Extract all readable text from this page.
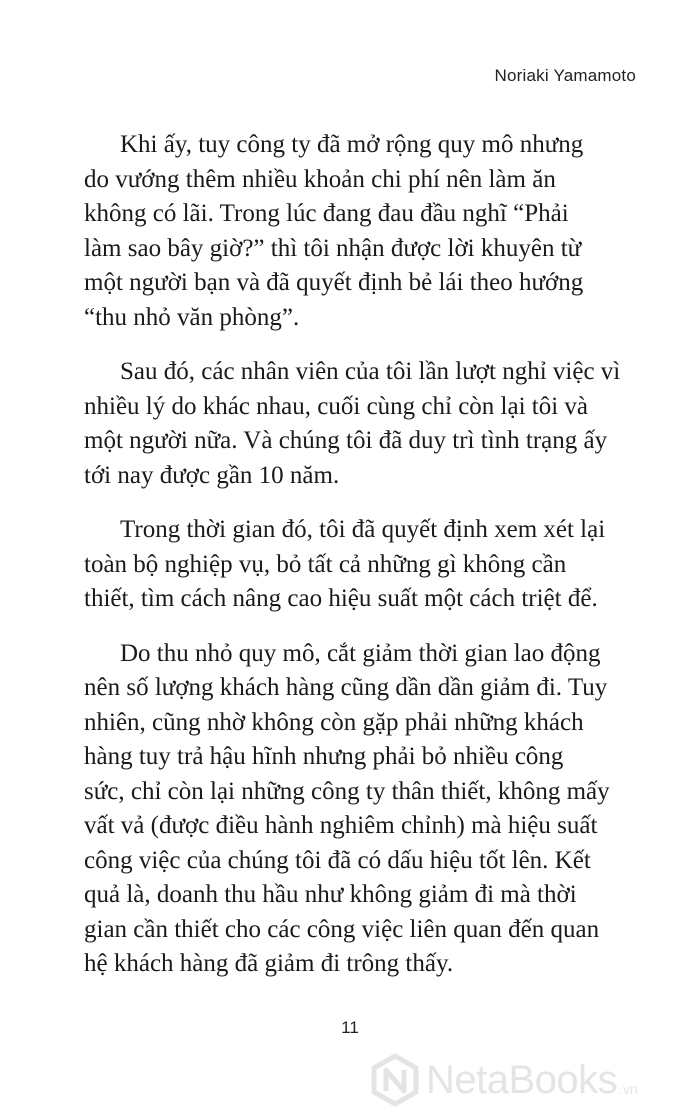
Noriaki Yamamoto

Khi ấy, tuy công ty đã mở rộng quy mô nhưng
do vướng thêm nhiều khoản chi phí nên làm ăn
không có lãi. Trong lúc đang đau đầu nghĩ “Phải
làm sao bây giờ?” thì tôi nhận được lời khuyên từ
một người bạn và đã quyết định bẻ lái theo hướng
“thu nhỏ văn phòng”.

Sau đó, các nhân viên của tôi lần lượt nghỉ việc vì
nhiều lý do khác nhau, cuối cùng chỉ còn lại tôi và
một người nữa. Và chúng tôi đã duy trì tình trạng ấy
tới nay được gần 10 năm.

Trong thời gian đó, tôi đã quyết định xem xét lại
toàn bộ nghiệp vụ, bỏ tất cả những gì không cần
thiết, tìm cách nâng cao hiệu suất một cách triệt để.

Do thu nhỏ quy mô, cắt giảm thời gian lao động
nên số lượng khách hàng cũng dần dần giảm đi. Tuy
nhiên, cũng nhờ không còn gặp phải những khách
hàng tuy trả hậu hĩnh nhưng phải bỏ nhiều công
sức, chỉ còn lại những công ty thân thiết, không mấy
vất vả (được điều hành nghiêm chỉnh) mà hiệu suất
công việc của chúng tôi đã có dấu hiệu tốt lên. Kết
quả là, doanh thu hầu như không giảm đi mà thời
gian cần thiết cho các công việc liên quan đến quan
hệ khách hàng đã giảm đi trông thấy.

11
NetaBooks .vn
